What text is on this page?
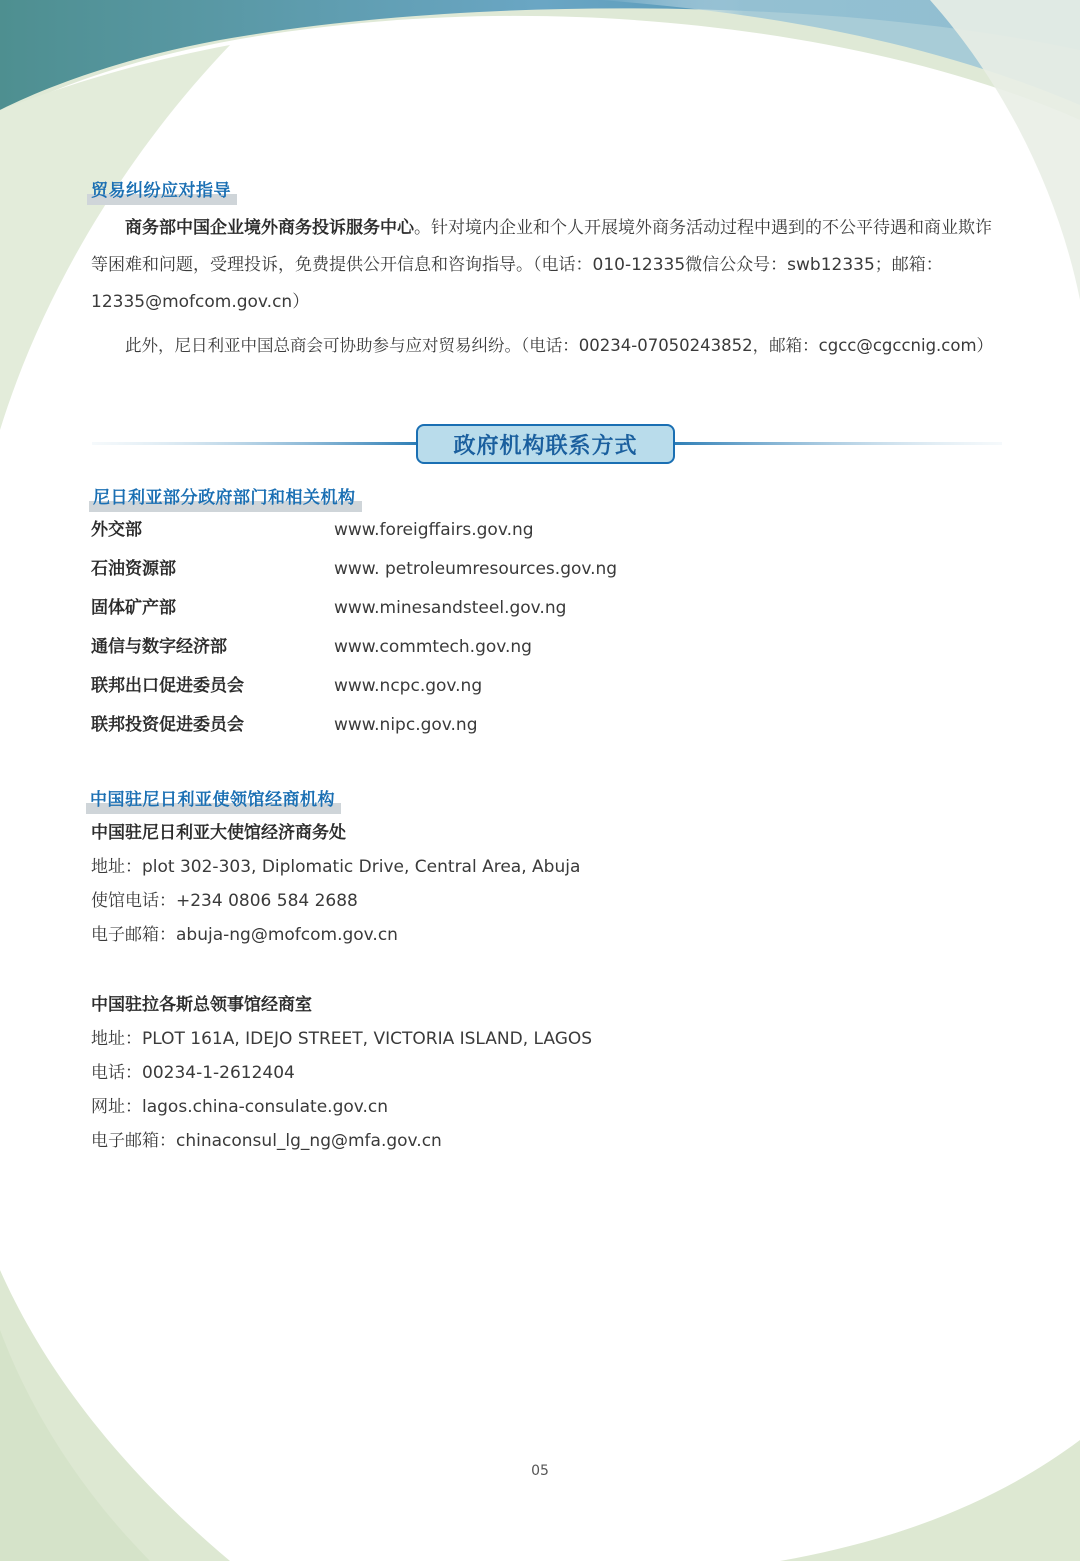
贸易纠纷应对指导
商务部中国企业境外商务投诉服务中心。针对境内企业和个人开展境外商务活动过程中遇到的不公平待遇和商业欺诈等困难和问题，受理投诉，免费提供公开信息和咨询指导。（电话：010-12335微信公众号：swb12335；邮箱：12335@mofcom.gov.cn）
此外，尼日利亚中国总商会可协助参与应对贸易纠纷。（电话：00234-07050243852，邮箱：cgcc@cgccnig.com）
政府机构联系方式
尼日利亚部分政府部门和相关机构
外交部	www.foreigffairs.gov.ng
石油资源部	www. petroleumresources.gov.ng
固体矿产部	www.minesandsteel.gov.ng
通信与数字经济部	www.commtech.gov.ng
联邦出口促进委员会	www.ncpc.gov.ng
联邦投资促进委员会	www.nipc.gov.ng
中国驻尼日利亚使领馆经商机构
中国驻尼日利亚大使馆经济商务处
地址：plot 302-303, Diplomatic Drive, Central Area, Abuja
使馆电话：+234 0806 584 2688
电子邮箱：abuja-ng@mofcom.gov.cn
中国驻拉各斯总领事馆经商室
地址：PLOT 161A, IDEJO STREET, VICTORIA ISLAND, LAGOS
电话：00234-1-2612404
网址：lagos.china-consulate.gov.cn
电子邮箱：chinaconsul_lg_ng@mfa.gov.cn
05
